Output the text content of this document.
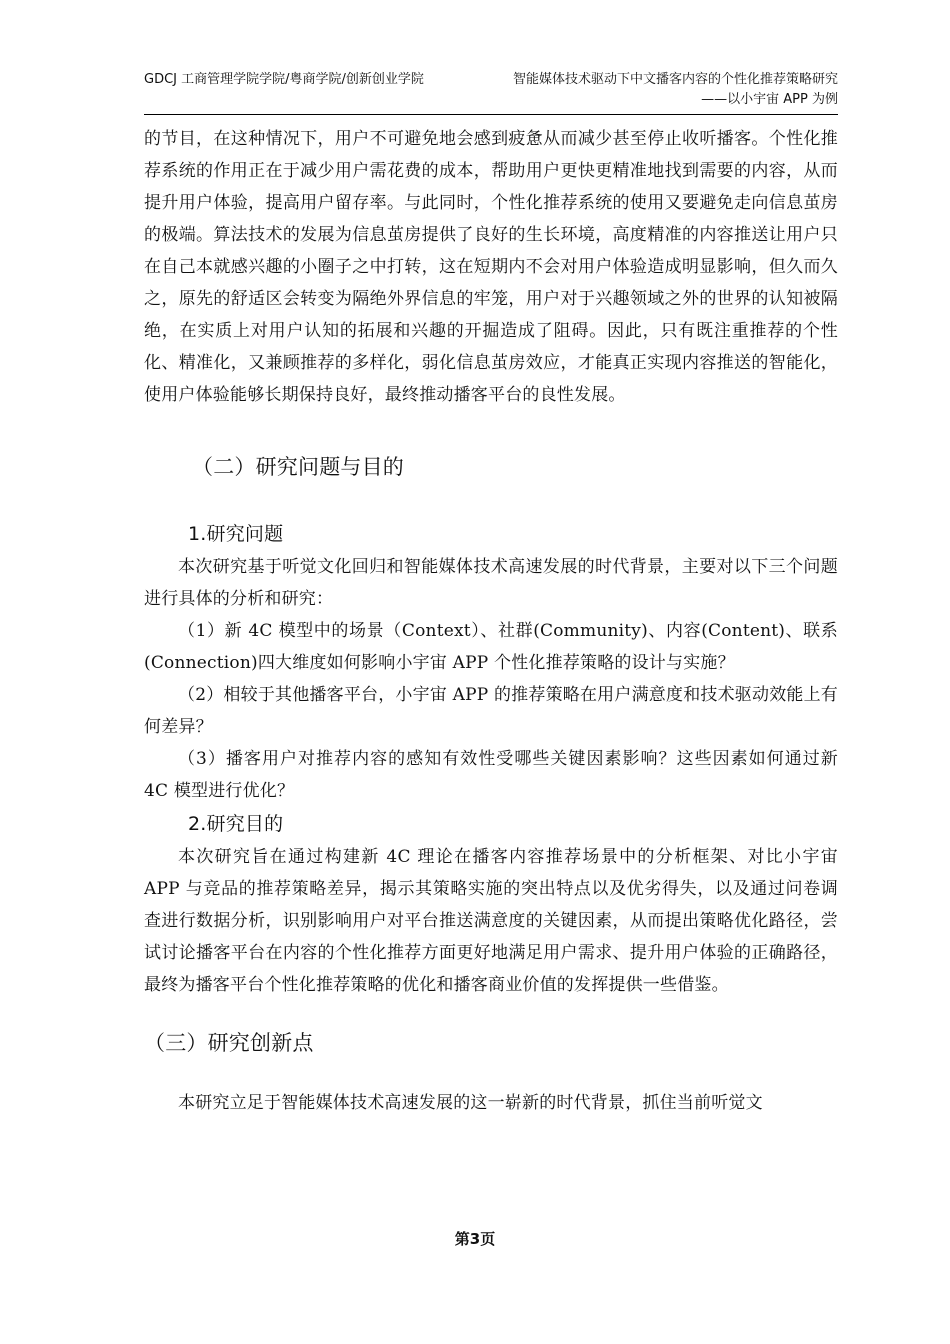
GDCJ 工商管理学院学院/粤商学院/创新创业学院	智能媒体技术驱动下中文播客内容的个性化推荐策略研究
——以小宇宙 APP 为例

的节目，在这种情况下，用户不可避免地会感到疲惫从而减少甚至停止收听播客。个性化推荐系统的作用正在于减少用户需花费的成本，帮助用户更快更精准地找到需要的内容，从而提升用户体验，提高用户留存率。与此同时，个性化推荐系统的使用又要避免走向信息茧房的极端。算法技术的发展为信息茧房提供了良好的生长环境，高度精准的内容推送让用户只在自己本就感兴趣的小圈子之中打转，这在短期内不会对用户体验造成明显影响，但久而久之，原先的舒适区会转变为隔绝外界信息的牢笼，用户对于兴趣领域之外的世界的认知被隔绝，在实质上对用户认知的拓展和兴趣的开掘造成了阻碍。因此，只有既注重推荐的个性化、精准化，又兼顾推荐的多样化，弱化信息茧房效应，才能真正实现内容推送的智能化，使用户体验能够长期保持良好，最终推动播客平台的良性发展。

（二）研究问题与目的

1.研究问题

本次研究基于听觉文化回归和智能媒体技术高速发展的时代背景，主要对以下三个问题进行具体的分析和研究：

（1）新 4C 模型中的场景（Context）、社群(Community)、内容(Content)、联系(Connection)四大维度如何影响小宇宙 APP 个性化推荐策略的设计与实施？

（2）相较于其他播客平台，小宇宙 APP 的推荐策略在用户满意度和技术驱动效能上有何差异？

（3）播客用户对推荐内容的感知有效性受哪些关键因素影响？这些因素如何通过新 4C 模型进行优化？

2.研究目的

本次研究旨在通过构建新 4C 理论在播客内容推荐场景中的分析框架、对比小宇宙 APP 与竞品的推荐策略差异，揭示其策略实施的突出特点以及优劣得失，以及通过问卷调查进行数据分析，识别影响用户对平台推送满意度的关键因素，从而提出策略优化路径，尝试讨论播客平台在内容的个性化推荐方面更好地满足用户需求、提升用户体验的正确路径，最终为播客平台个性化推荐策略的优化和播客商业价值的发挥提供一些借鉴。

（三）研究创新点

本研究立足于智能媒体技术高速发展的这一崭新的时代背景，抓住当前听觉文

第3页
